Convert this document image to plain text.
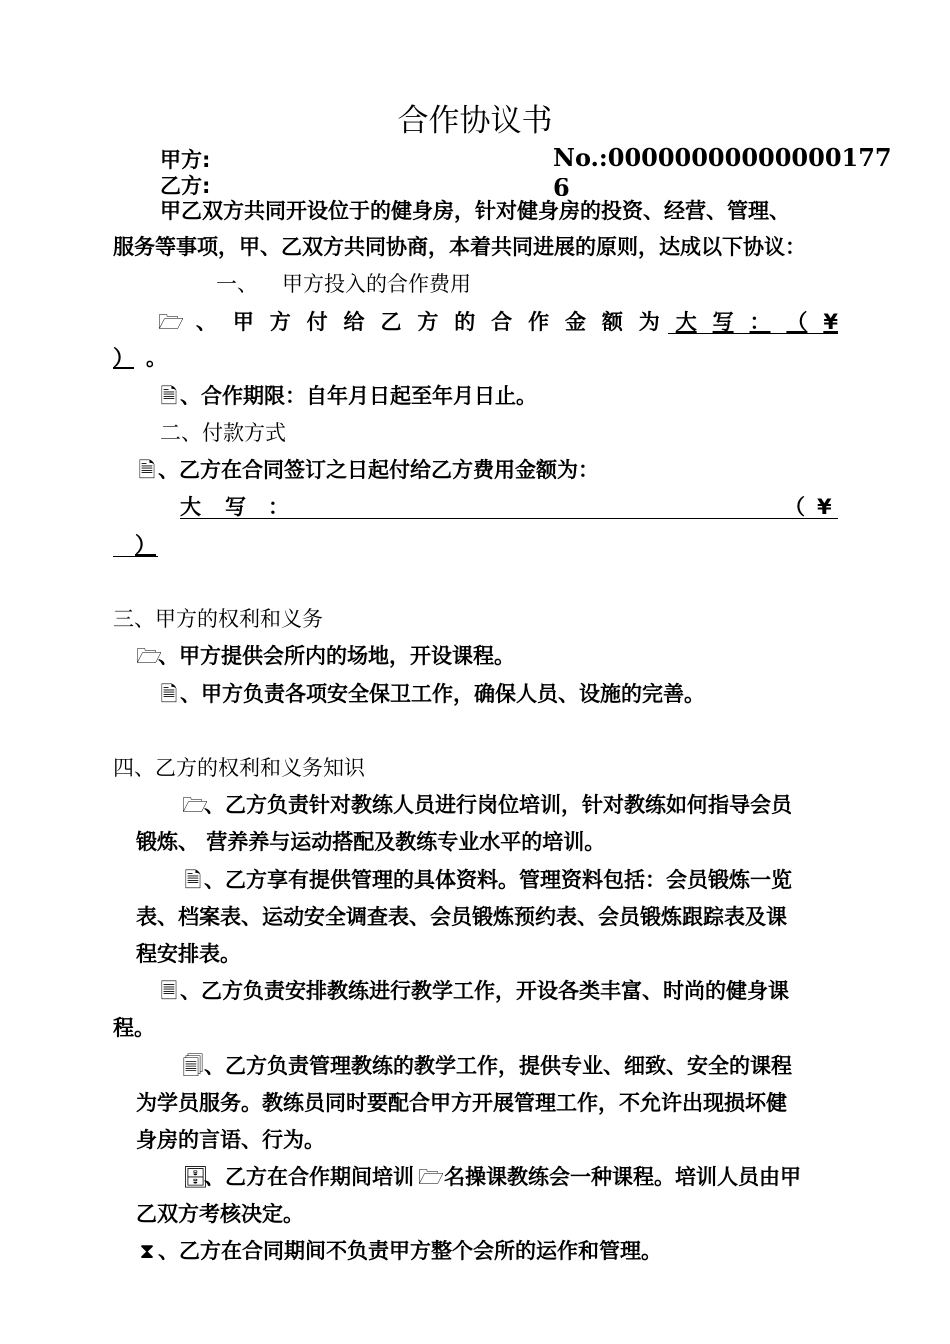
合作协议书
甲方:
乙方:
No.:00000000000000177
6
甲乙双方共同开设位于的健身房，针对健身房的投资、经营、管理、
服务等事项，甲、乙双方共同协商，本着共同进展的原则，达成以下协议：
一、 甲方投入的合作费用
🗁 、 甲 方 付 给 乙 方 的 合 作 金 额 为 大 写 ： （ ¥
） 。
🗎 、合作期限：自年月日起至年月日止。
二、付款方式
🗎 、乙方在合同签订之日起付给乙方费用金额为：
大 写 ：	（ ¥
）
三、甲方的权利和义务
🗁、甲方提供会所内的场地，开设课程。
🗎 、甲方负责各项安全保卫工作，确保人员、设施的完善。
四、乙方的权利和义务知识
🗁、乙方负责针对教练人员进行岗位培训，针对教练如何指导会员
锻炼、 营养养与运动搭配及教练专业水平的培训。
🗎 、乙方享有提供管理的具体资料。管理资料包括：会员锻炼一览
表、档案表、运动安全调查表、会员锻炼预约表、会员锻炼跟踪表及课
程安排表。
🗏 、乙方负责安排教练进行教学工作，开设各类丰富、时尚的健身课
程。
🗐、乙方负责管理教练的教学工作，提供专业、细致、安全的课程
为学员服务。教练员同时要配合甲方开展管理工作，不允许出现损坏健
身房的言语、行为。
🗄、乙方在合作期间培训 🗁名操课教练会一种课程。培训人员由甲
乙双方考核决定。
⧗ 、乙方在合同期间不负责甲方整个会所的运作和管理。
